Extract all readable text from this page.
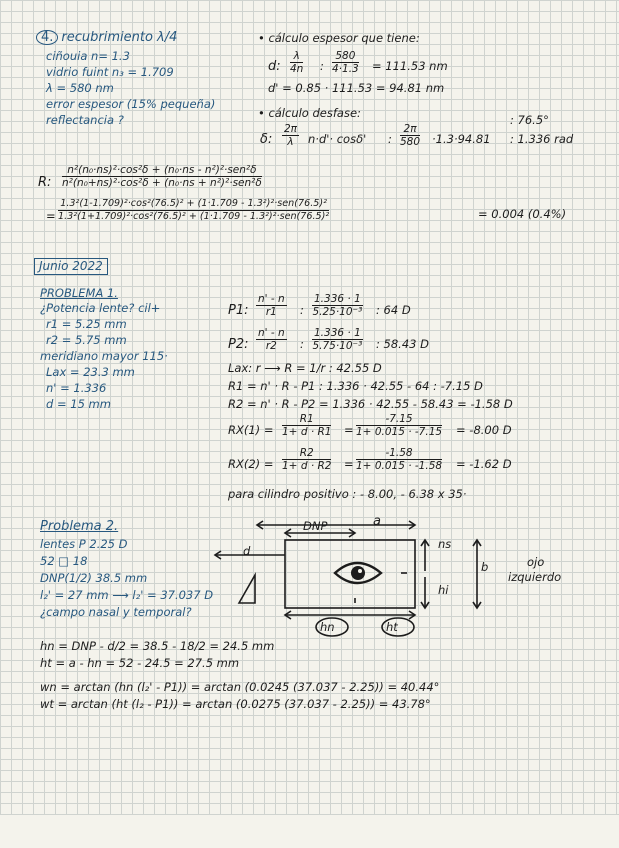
4. recubrimiento λ/4
ciñouia n= 1.3
vidrio fuint n₃ = 1.709
λ = 580 nm
error espesor (15% pequeña)
reflectancia ?
• cálculo espesor que tiene:
d: $\frac{\lambda}{4n}$ : $\frac{580}{4\cdot 1.3} = 111.53$ nm
d' = 0.85 · 111.53 = 94.81 nm
• cálculo desfase:
δ: $\frac{2\pi}{\lambda} n\cdot d'\cdot \cos\delta'$ : $\frac{2\pi}{580} \cdot 1.3\cdot 94.81$
: 76.5°
: 1.336 rad
R:
n²(n₀·ns)²·cos²δ + (n₀·ns - n²)²·sen²δ
n²(n₀+ns)²·cos²δ + (n₀·ns + n²)²·sen²δ
=
1.3²(1-1.709)²·cos²(76.5)² + (1·1.709 - 1.3²)²·sen(76.5)²
1.3²(1+1.709)²·cos²(76.5)² + (1·1.709 - 1.3²)²·sen(76.5)²	= 0.004 (0.4%)
Junio 2022
PROBLEMA 1.
¿Potencia lente? cil+
r1 = 5.25 mm
r2 = 5.75 mm
meridiano mayor 115·
Lax = 23.3 mm
n' = 1.336
d = 15 mm
P1: $\frac{n' - n}{r1}$ : $\frac{1.336 \cdot 1}{\text{5.25·10⁻³}}$ : 64 D
P2: $\frac{n' - n}{r2}$ : $\frac{1.336 \cdot 1}{\text{5.75·10⁻³}}$ : 58.43 D
Lax: r ⟶ R = 1/r : 42.55 D
R1 = n' · R - P1 : 1.336 · 42.55 - 64 : -7.15 D
R2 = n' · R - P2 = 1.336 · 42.55 - 58.43 = -1.58 D
$RX(1) = \frac{R1}{1+ d \cdot R1} = \frac{-7.15}{1+ 0.015 \cdot -7.15} = -8.00$ D
$RX(2) = \frac{R2}{1+ d \cdot R2} = \frac{-1.58}{1+ 0.015 \cdot -1.58} = -1.62$ D
para cilindro positivo : - 8.00, - 6.38 x 35·
Problema 2.
lentes P 2.25 D
52 □ 18
DNP(1/2) 38.5 mm
l₂' = 27 mm ⟶ l₂' = 37.037 D
¿campo nasal y temporal?
DNP	a
d	ns
hi
b
hn	ht
ojo
izquierdo
hn = DNP - d/2 = 38.5 - 18/2 = 24.5 mm
ht = a - hn = 52 - 24.5 = 27.5 mm
wn = arctan (hn (l₂' - P1)) = arctan (0.0245 (37.037 - 2.25)) = 40.44°
wt = arctan (ht (l₂ - P1)) = arctan (0.0275 (37.037 - 2.25)) = 43.78°
